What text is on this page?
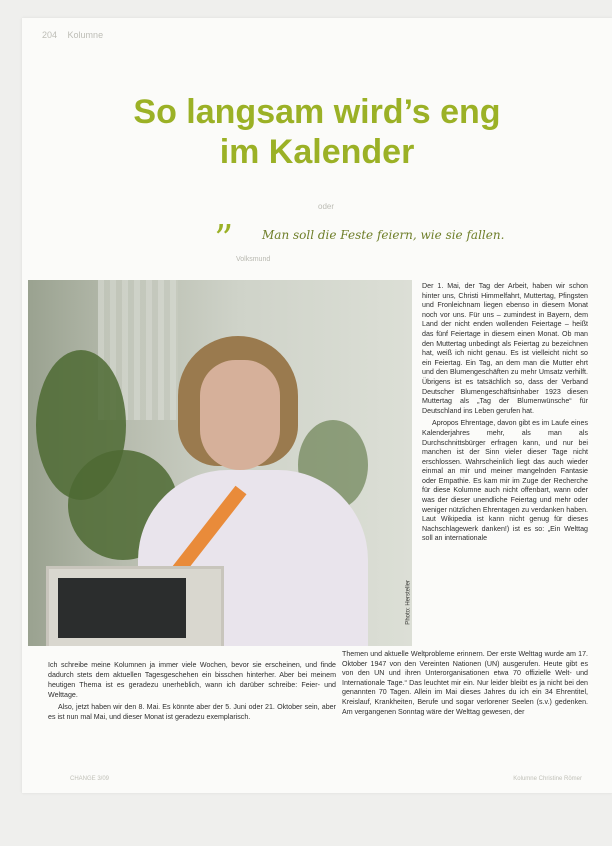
204 Kolumne
So langsam wird’s eng
im Kalender
oder
” Man soll die Feste feiern, wie sie fallen.
Volksmund
Photo: Hersteller

Der 1. Mai, der Tag der Arbeit, haben wir schon hinter uns, Christi Himmelfahrt, Muttertag, Pfingsten und Fronleichnam liegen ebenso in diesem Monat noch vor uns. Für uns – zumindest in Bayern, dem Land der nicht enden wollenden Feiertage – heißt das fünf Feiertage in diesem einen Monat. Ob man den Muttertag unbedingt als Feiertag zu bezeichnen hat, weiß ich nicht genau. Es ist vielleicht nicht so ein Feiertag. Ein Tag, an dem man die Mutter ehrt und den Blumengeschäften zu mehr Umsatz verhilft. Übrigens ist es tatsächlich so, dass der Verband Deutscher Blumengeschäftsinhaber 1923 diesen Muttertag als „Tag der Blumenwünsche“ für Deutschland ins Leben gerufen hat.

Apropos Ehrentage, davon gibt es im Laufe eines Kalenderjahres mehr, als man als Durchschnittsbürger erfragen kann, und nur bei manchen ist der Sinn vieler dieser Tage nicht erschlossen. Wahrscheinlich liegt das auch wieder einmal an mir und meiner mangelnden Fantasie oder Empathie. Es kam mir im Zuge der Recherche für diese Kolumne auch nicht offenbart, wann oder was der dieser unendliche Feiertag und mehr oder weniger nützlichen Ehrentagen zu verdanken haben. Laut Wikipedia ist kann nicht genug für dieses Nachschlagewerk danken!) ist es so: „Ein Welttag soll an internationale

Ich schreibe meine Kolumnen ja immer viele Wochen, bevor sie erscheinen, und finde dadurch stets dem aktuellen Tagesgeschehen ein bisschen hinterher. Aber bei meinem heutigen Thema ist es geradezu unerheblich, wann ich darüber schreibe: Feier- und Welttage.

Also, jetzt haben wir den 8. Mai. Es könnte aber der 5. Juni oder 21. Oktober sein, aber es ist nun mal Mai, und dieser Monat ist geradezu exemplarisch.

Themen und aktuelle Weltprobleme erinnern. Der erste Welttag wurde am 17. Oktober 1947 von den Vereinten Nationen (UN) ausgerufen. Heute gibt es von den UN und ihren Unterorganisationen etwa 70 offizielle Welt- und Internationale Tage.“ Das leuchtet mir ein. Nur leider bleibt es ja nicht bei den genannten 70 Tagen. Allein im Mai dieses Jahres du ich ein 34 Ehrentitel, Kreislauf, Krankheiten, Berufe und sogar verlorener Seelen (s.v.) gedenken. Am vergangenen Sonntag wäre der Welttag gewesen, der
CHANGE 3/09	Kolumne Christine Römer
